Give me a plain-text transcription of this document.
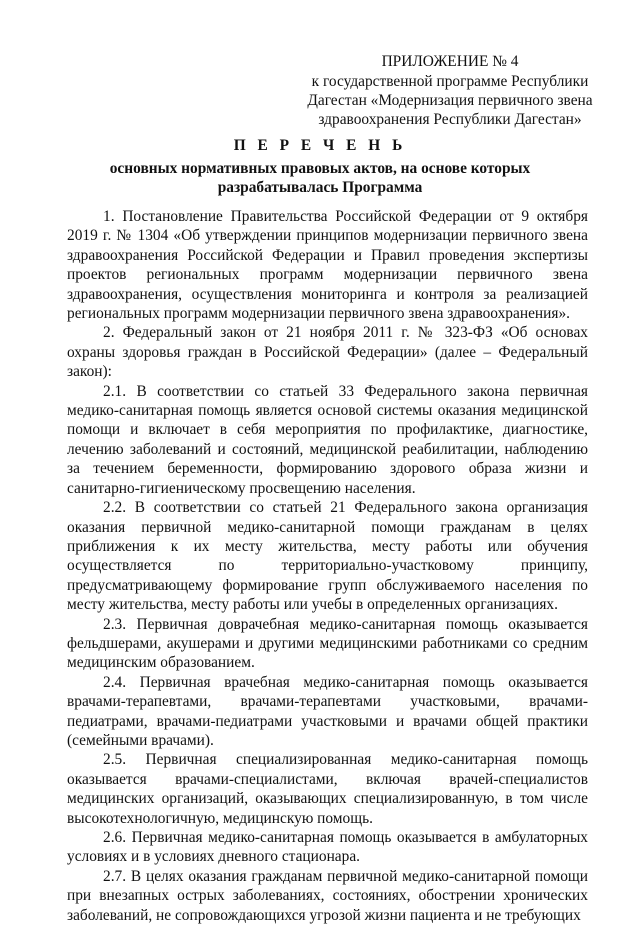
ПРИЛОЖЕНИЕ № 4
к государственной программе Республики
Дагестан «Модернизация первичного звена
здравоохранения Республики Дагестан»
П Е Р Е Ч Е Н Ь
основных нормативных правовых актов, на основе которых
разрабатывалась Программа

1. Постановление Правительства Российской Федерации от 9 октября 2019 г. № 1304 «Об утверждении принципов модернизации первичного звена здравоохранения Российской Федерации и Правил проведения экспертизы проектов региональных программ модернизации первичного звена здравоохранения, осуществления мониторинга и контроля за реализацией региональных программ модернизации первичного звена здравоохранения».

2. Федеральный закон от 21 ноября 2011 г. № 323-ФЗ «Об основах охраны здоровья граждан в Российской Федерации» (далее – Федеральный закон):

2.1. В соответствии со статьей 33 Федерального закона первичная медико-санитарная помощь является основой системы оказания медицинской помощи и включает в себя мероприятия по профилактике, диагностике, лечению заболеваний и состояний, медицинской реабилитации, наблюдению за течением беременности, формированию здорового образа жизни и санитарно-гигиеническому просвещению населения.

2.2. В соответствии со статьей 21 Федерального закона организация оказания первичной медико-санитарной помощи гражданам в целях приближения к их месту жительства, месту работы или обучения осуществляется по территориально-участковому принципу, предусматривающему формирование групп обслуживаемого населения по месту жительства, месту работы или учебы в определенных организациях.

2.3. Первичная доврачебная медико-санитарная помощь оказывается фельдшерами, акушерами и другими медицинскими работниками со средним медицинским образованием.

2.4. Первичная врачебная медико-санитарная помощь оказывается врачами-терапевтами, врачами-терапевтами участковыми, врачами-педиатрами, врачами-педиатрами участковыми и врачами общей практики (семейными врачами).

2.5. Первичная специализированная медико-санитарная помощь оказывается врачами-специалистами, включая врачей-специалистов медицинских организаций, оказывающих специализированную, в том числе высокотехнологичную, медицинскую помощь.

2.6. Первичная медико-санитарная помощь оказывается в амбулаторных условиях и в условиях дневного стационара.

2.7. В целях оказания гражданам первичной медико-санитарной помощи при внезапных острых заболеваниях, состояниях, обострении хронических заболеваний, не сопровождающихся угрозой жизни пациента и не требующих
